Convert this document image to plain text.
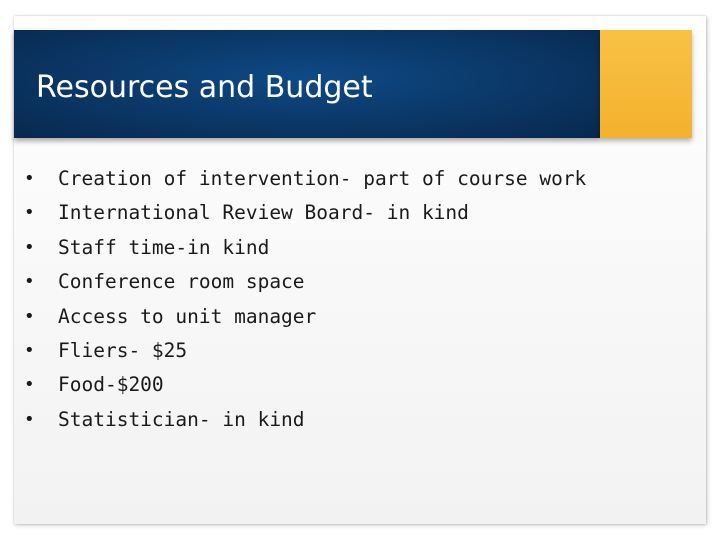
Resources and Budget
• Creation of intervention- part of course work
• International Review Board- in kind
• Staff time-in kind
• Conference room space
• Access to unit manager
• Fliers- $25
• Food-$200
• Statistician- in kind
